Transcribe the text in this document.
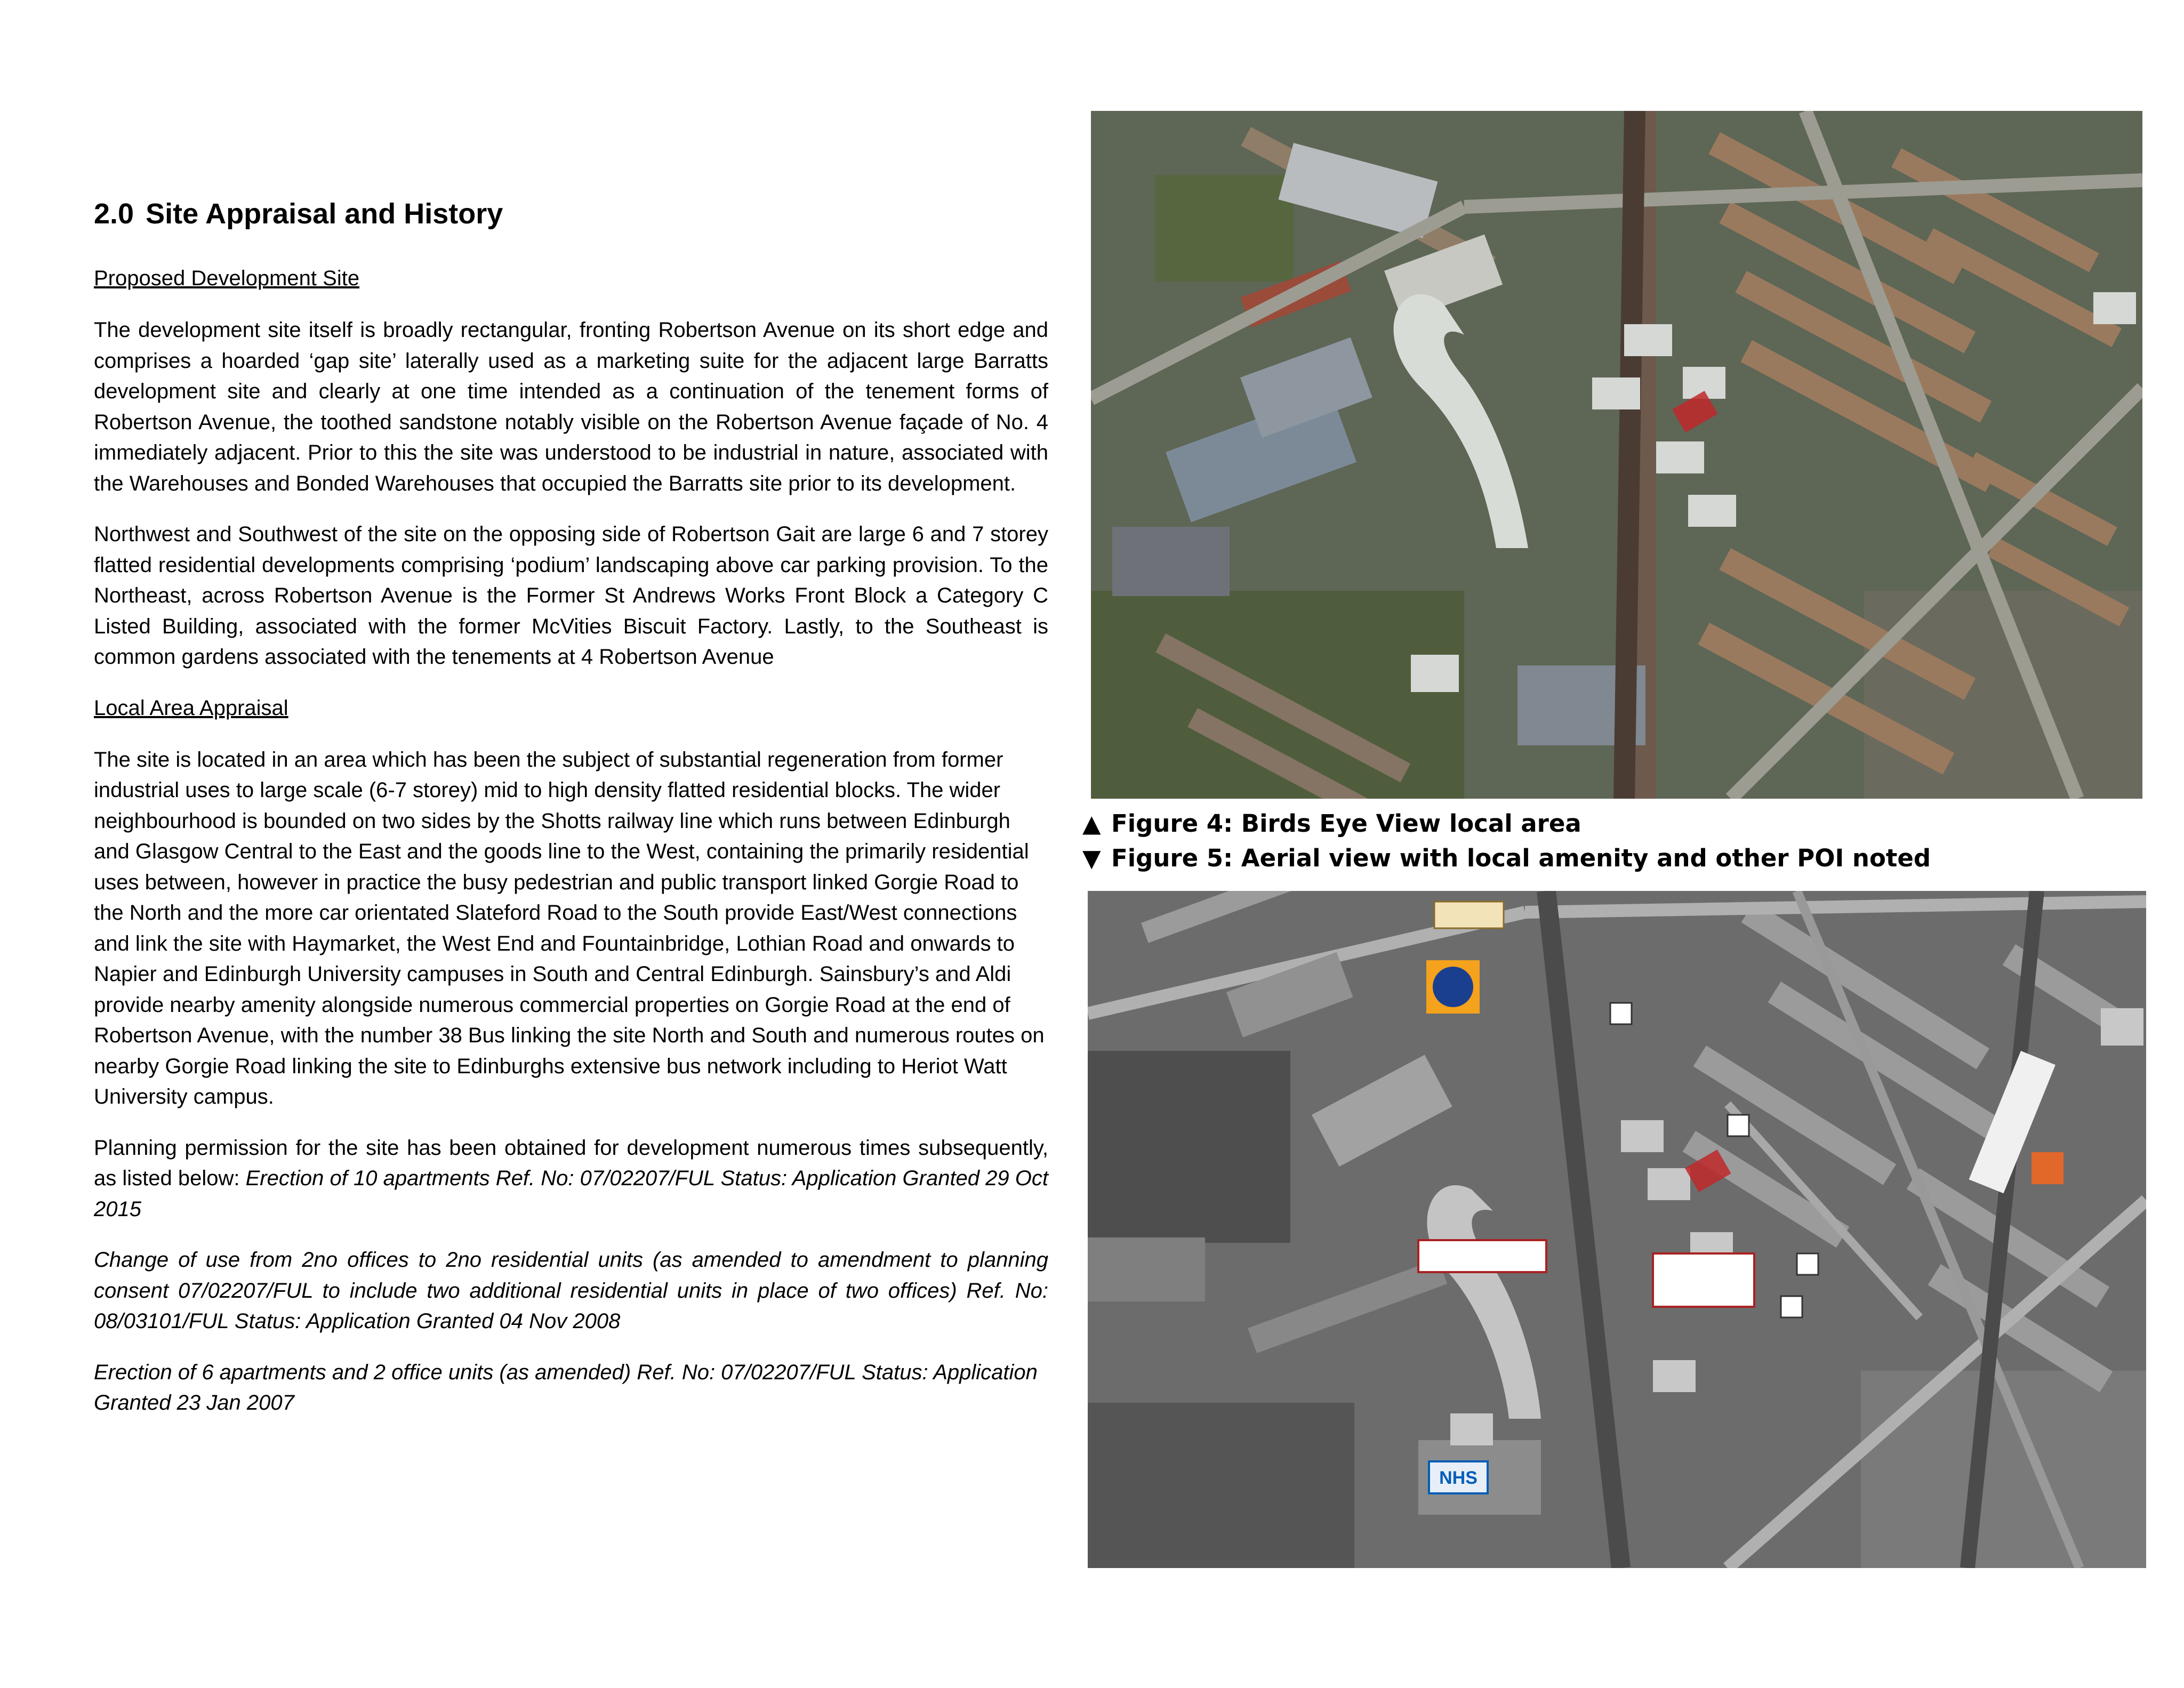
2.0 Site Appraisal and History
Proposed Development Site

The development site itself is broadly rectangular, fronting Robertson Avenue on its short edge and comprises a hoarded ‘gap site’ laterally used as a marketing suite for the adjacent large Barratts development site and clearly at one time intended as a continuation of the tenement forms of Robertson Avenue, the toothed sandstone notably visible on the Robertson Avenue façade of No. 4 immediately adjacent. Prior to this the site was understood to be industrial in nature, associated with the Warehouses and Bonded Warehouses that occupied the Barratts site prior to its development.

Northwest and Southwest of the site on the opposing side of Robertson Gait are large 6 and 7 storey flatted residential developments comprising ‘podium’ landscaping above car parking provision. To the Northeast, across Robertson Avenue is the Former St Andrews Works Front Block a Category C Listed Building, associated with the former McVities Biscuit Factory. Lastly, to the Southeast is common gardens associated with the tenements at 4 Robertson Avenue

Local Area Appraisal

The site is located in an area which has been the subject of substantial regeneration from former industrial uses to large scale (6-7 storey) mid to high density flatted residential blocks. The wider neighbourhood is bounded on two sides by the Shotts railway line which runs between Edinburgh and Glasgow Central to the East and the goods line to the West, containing the primarily residential uses between, however in practice the busy pedestrian and public transport linked Gorgie Road to the North and the more car orientated Slateford Road to the South provide East/West connections and link the site with Haymarket, the West End and Fountainbridge, Lothian Road and onwards to Napier and Edinburgh University campuses in South and Central Edinburgh. Sainsbury’s and Aldi provide nearby amenity alongside numerous commercial properties on Gorgie Road at the end of Robertson Avenue, with the number 38 Bus linking the site North and South and numerous routes on nearby Gorgie Road linking the site to Edinburghs extensive bus network including to Heriot Watt University campus.

Planning permission for the site has been obtained for development numerous times subsequently, as listed below: Erection of 10 apartments Ref. No: 07/02207/FUL Status: Application Granted 29 Oct 2015

Change of use from 2no offices to 2no residential units (as amended to amendment to planning consent 07/02207/FUL to include two additional residential units in place of two offices) Ref. No: 08/03101/FUL Status: Application Granted 04 Nov 2008

Erection of 6 apartments and 2 office units (as amended) Ref. No: 07/02207/FUL Status: Application Granted 23 Jan 2007

▲ Figure 4: Birds Eye View local area
▼ Figure 5: Aerial view with local amenity and other POI noted
NHS
